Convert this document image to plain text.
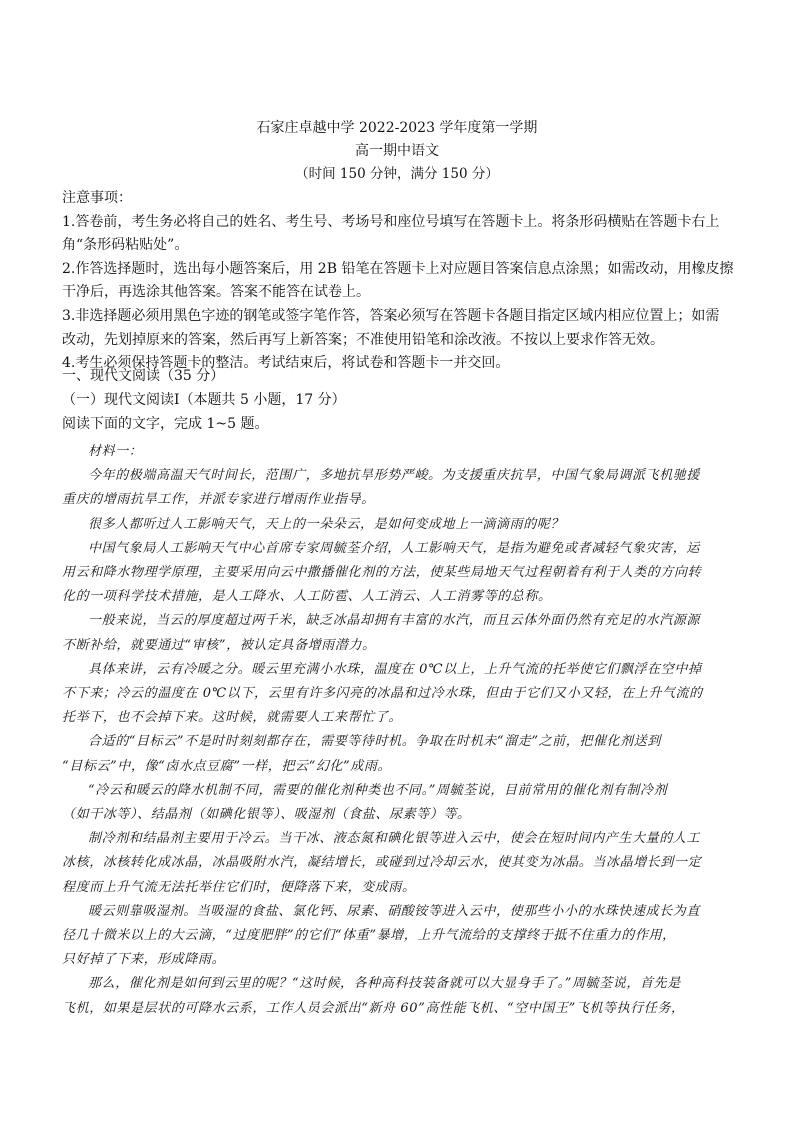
石家庄卓越中学 2022-2023 学年度第一学期
高一期中语文
（时间 150 分钟，满分 150 分）
注意事项：
1.答卷前，考生务必将自己的姓名、考生号、考场号和座位号填写在答题卡上。将条形码横贴在答题卡右上
角“条形码粘贴处”。
2.作答选择题时，选出每小题答案后，用 2B 铅笔在答题卡上对应题目答案信息点涂黑；如需改动，用橡皮擦
干净后，再选涂其他答案。答案不能答在试卷上。
3.非选择题必须用黑色字迹的钢笔或签字笔作答，答案必须写在答题卡各题目指定区域内相应位置上；如需
改动，先划掉原来的答案，然后再写上新答案；不准使用铅笔和涂改液。不按以上要求作答无效。
4.考生必须保持答题卡的整洁。考试结束后，将试卷和答题卡一并交回。
一、现代文阅读（35 分）
（一）现代文阅读Ⅰ（本题共 5 小题，17 分）
阅读下面的文字，完成 1~5 题。
材料一：
今年的极端高温天气时间长，范围广，多地抗旱形势严峻。为支援重庆抗旱，中国气象局调派飞机驰援
重庆的增雨抗旱工作，并派专家进行增雨作业指导。
很多人都听过人工影响天气，天上的一朵朵云，是如何变成地上一滴滴雨的呢？
中国气象局人工影响天气中心首席专家周毓荃介绍，人工影响天气，是指为避免或者减轻气象灾害，运
用云和降水物理学原理，主要采用向云中撒播催化剂的方法，使某些局地天气过程朝着有利于人类的方向转
化的一项科学技术措施，是人工降水、人工防雹、人工消云、人工消雾等的总称。
一般来说，当云的厚度超过两千米，缺乏冰晶却拥有丰富的水汽，而且云体外面仍然有充足的水汽源源
不断补给，就要通过“审核”，被认定具备增雨潜力。
具体来讲，云有冷暖之分。暖云里充满小水珠，温度在 0℃以上，上升气流的托举使它们飘浮在空中掉
不下来；冷云的温度在 0℃以下，云里有许多闪亮的冰晶和过冷水珠，但由于它们又小又轻，在上升气流的
托举下，也不会掉下来。这时候，就需要人工来帮忙了。
合适的“目标云”不是时时刻刻都存在，需要等待时机。争取在时机未“溜走”之前，把催化剂送到
“目标云”中，像“卤水点豆腐”一样，把云“幻化”成雨。
“冷云和暖云的降水机制不同，需要的催化剂种类也不同。”周毓荃说，目前常用的催化剂有制冷剂
（如干冰等）、结晶剂（如碘化银等）、吸湿剂（食盐、尿素等）等。
制冷剂和结晶剂主要用于冷云。当干冰、液态氮和碘化银等进入云中，使会在短时间内产生大量的人工
冰核，冰核转化成冰晶，冰晶吸附水汽，凝结增长，或碰到过冷却云水，使其变为冰晶。当冰晶增长到一定
程度而上升气流无法托举住它们时，便降落下来，变成雨。
暖云则靠吸湿剂。当吸湿的食盐、氯化钙、尿素、硝酸铵等进入云中，使那些小小的水珠快速成长为直
径几十微米以上的大云滴，“过度肥胖”的它们“体重”暴增，上升气流给的支撑终于抵不住重力的作用，
只好掉了下来，形成降雨。
那么，催化剂是如何到云里的呢？“这时候，各种高科技装备就可以大显身手了。”周毓荃说，首先是
飞机，如果是层状的可降水云系，工作人员会派出“新舟 60”高性能飞机、“空中国王”飞机等执行任务，
